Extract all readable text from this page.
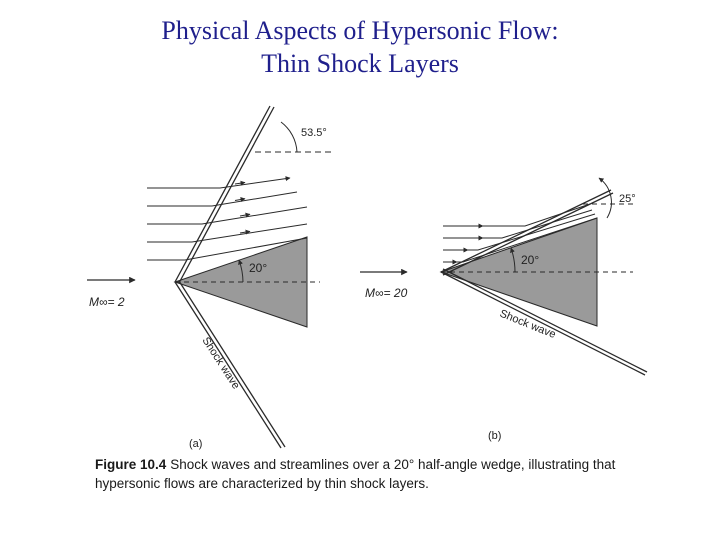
Physical Aspects of Hypersonic Flow:
Thin Shock Layers
20°
53.5°
M∞= 2
Shock wave
(a)
20°
25°
M∞= 20
Shock wave
(b)
Figure 10.4 Shock waves and streamlines over a 20° half-angle wedge, illustrating that hypersonic flows are characterized by thin shock layers.
